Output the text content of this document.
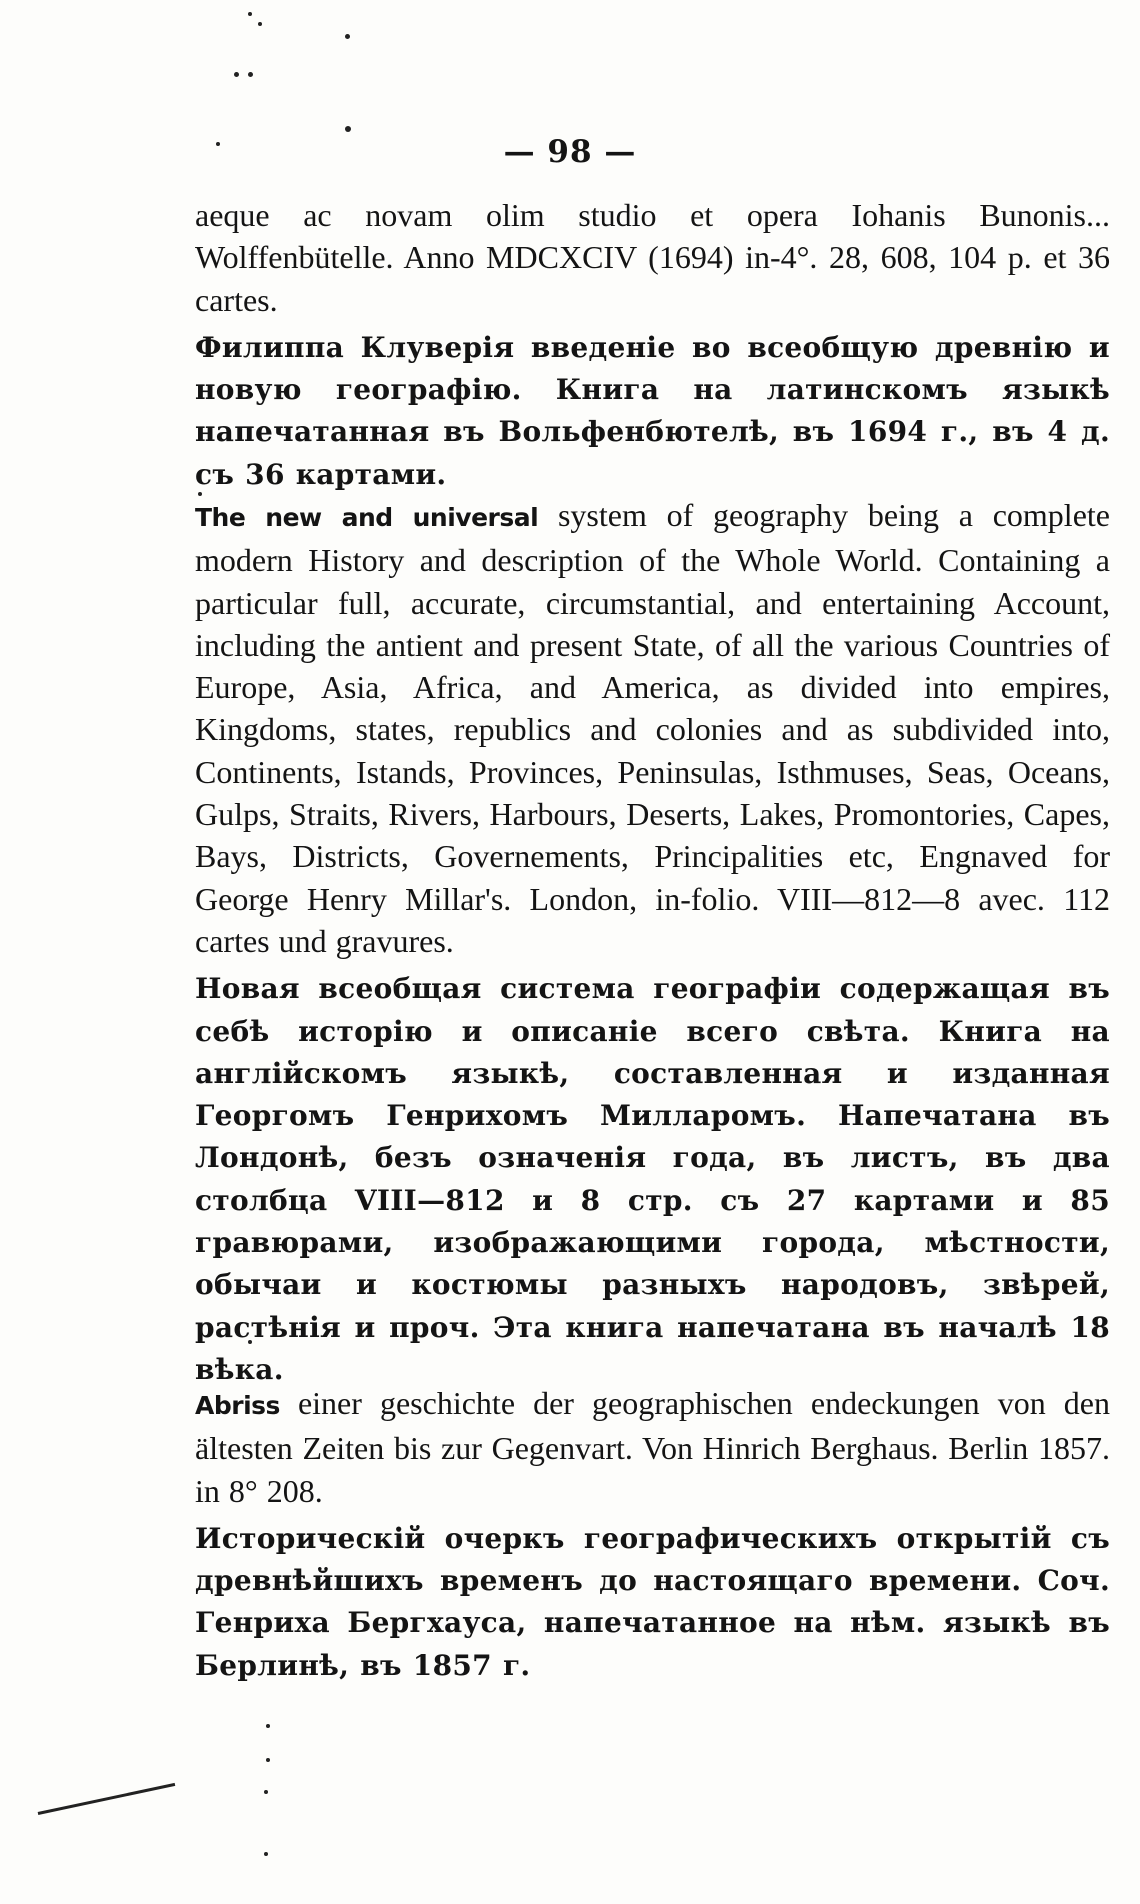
— 98 —

aeque ac novam olim studio et opera Iohanis Bunonis... Wolffenbütelle. Anno MDCXCIV (1694) in-4°. 28, 608, 104 p. et 36 cartes.

Филиппа Клуверія введеніе во всеобщую древнію и новую географію. Книга на латинскомъ языкѣ напечатанная въ Вольфенбютелѣ, въ 1694 г., въ 4 д. съ 36 картами.

The new and universal system of geography being a complete modern History and description of the Whole World. Containing a particular full, accurate, circumstantial, and entertaining Account, including the antient and present State, of all the various Countries of Europe, Asia, Africa, and America, as divided into empires, Kingdoms, states, republics and colonies and as subdivided into, Continents, Istands, Provinces, Peninsulas, Isthmuses, Seas, Oceans, Gulps, Straits, Rivers, Harbours, Deserts, Lakes, Promontories, Capes, Bays, Districts, Governements, Principalities etc, Engnaved for George Henry Millar's. London, in-folio. VIII—812—8 avec. 112 cartes und gravures.

Новая всеобщая система географіи содержащая въ себѣ исторію и описаніе всего свѣта. Книга на англійскомъ языкѣ, составленная и изданная Георгомъ Генрихомъ Милларомъ. Напечатана въ Лондонѣ, безъ означенія года, въ листъ, въ два столбца VIII—812 и 8 стр. съ 27 картами и 85 гравюрами, изображающими города, мѣстности, обычаи и костюмы разныхъ народовъ, звѣрей, растѣнія и проч. Эта книга напечатана въ началѣ 18 вѣка.

Abriss einer geschichte der geographischen endeckungen von den ältesten Zeiten bis zur Gegenvart. Von Hinrich Berghaus. Berlin 1857. in 8° 208.

Историческій очеркъ географическихъ открытій съ древнѣйшихъ временъ до настоящаго времени. Соч. Генриха Бергхауса, напечатанное на нѣм. языкѣ въ Берлинѣ, въ 1857 г.
